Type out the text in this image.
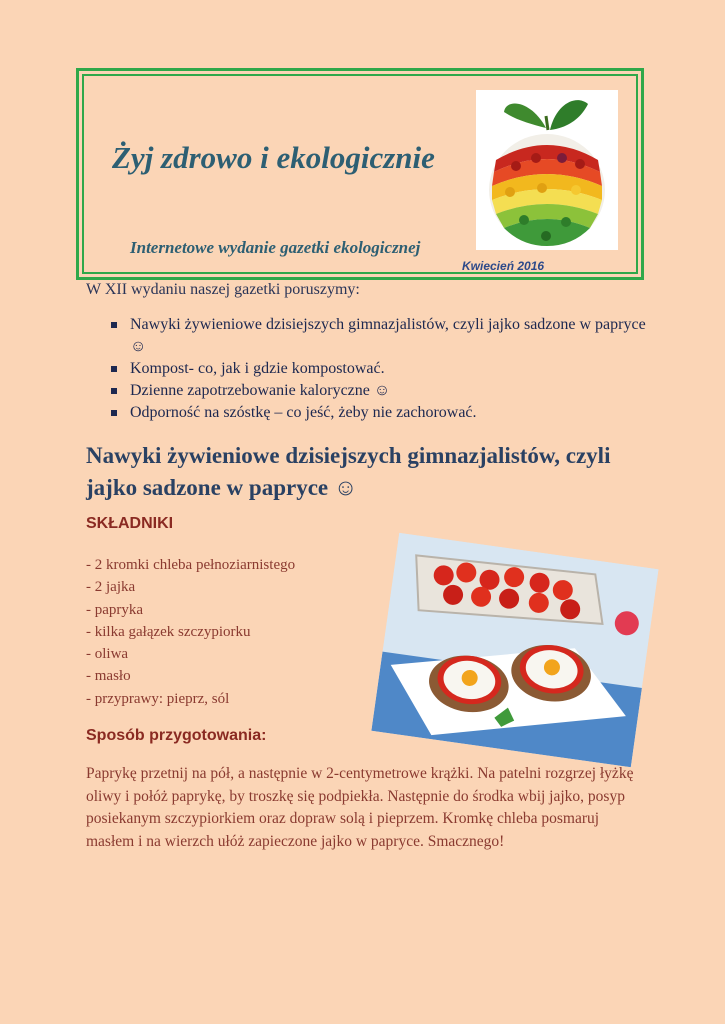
Żyj zdrowo i ekologicznie
Internetowe wydanie gazetki ekologicznej
Kwiecień 2016

W XII wydaniu naszej gazetki poruszymy:

Nawyki żywieniowe dzisiejszych gimnazjalistów, czyli jajko sadzone w papryce ☺
Kompost- co, jak i gdzie kompostować.
Dzienne zapotrzebowanie kaloryczne ☺
Odporność na szóstkę – co jeść, żeby nie zachorować.
Nawyki żywieniowe dzisiejszych gimnazjalistów, czyli jajko sadzone w papryce ☺
SKŁADNIKI
- 2 kromki chleba pełnoziarnistego
- 2 jajka
- papryka
- kilka gałązek szczypiorku
- oliwa
- masło
- przyprawy: pieprz, sól
Sposób przygotowania:

Paprykę przetnij na pół, a następnie w 2-centymetrowe krążki. Na patelni rozgrzej łyżkę oliwy i połóż paprykę, by troszkę się podpiekła. Następnie do środka wbij jajko, posyp posiekanym szczypiorkiem oraz dopraw solą i pieprzem. Kromkę chleba posmaruj masłem i na wierzch ułóż zapieczone jajko w papryce. Smacznego!
